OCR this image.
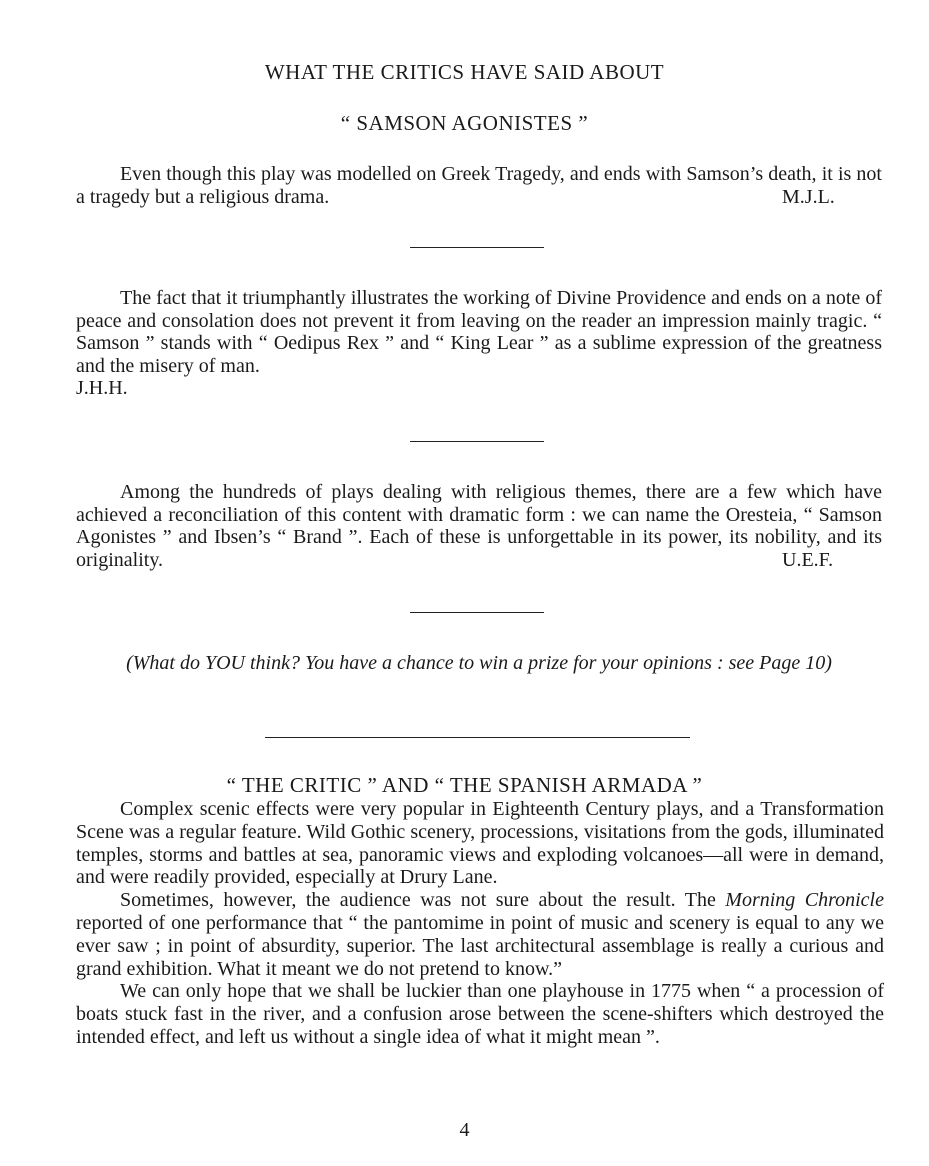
WHAT THE CRITICS HAVE SAID ABOUT
“ SAMSON AGONISTES ”

Even though this play was modelled on Greek Tragedy, and ends with Samson’s death, it is not a tragedy but a religious drama.	M.J.L.

The fact that it triumphantly illustrates the working of Divine Providence and ends on a note of peace and consolation does not prevent it from leaving on the reader an impression mainly tragic. “ Samson ” stands with “ Oedipus Rex ” and “ King Lear ” as a sublime expression of the greatness and the misery of man.

J.H.H.

Among the hundreds of plays dealing with religious themes, there are a few which have achieved a reconciliation of this content with dramatic form : we can name the Oresteia, “ Samson Agonistes ” and Ibsen’s “ Brand ”. Each of these is unforgettable in its power, its nobility, and its originality.	U.E.F.

(What do YOU think? You have a chance to win a prize for your opinions : see Page 10)
“ THE CRITIC ” AND “ THE SPANISH ARMADA ”

Complex scenic effects were very popular in Eighteenth Century plays, and a Transformation Scene was a regular feature. Wild Gothic scenery, processions, visitations from the gods, illuminated temples, storms and battles at sea, panoramic views and exploding volcanoes—all were in demand, and were readily provided, especially at Drury Lane.

Sometimes, however, the audience was not sure about the result. The Morning Chronicle reported of one performance that “ the pantomime in point of music and scenery is equal to any we ever saw ; in point of absurdity, superior. The last architectural assemblage is really a curious and grand exhibition. What it meant we do not pretend to know.”

We can only hope that we shall be luckier than one playhouse in 1775 when “ a procession of boats stuck fast in the river, and a confusion arose between the scene-shifters which destroyed the intended effect, and left us without a single idea of what it might mean ”.

4
